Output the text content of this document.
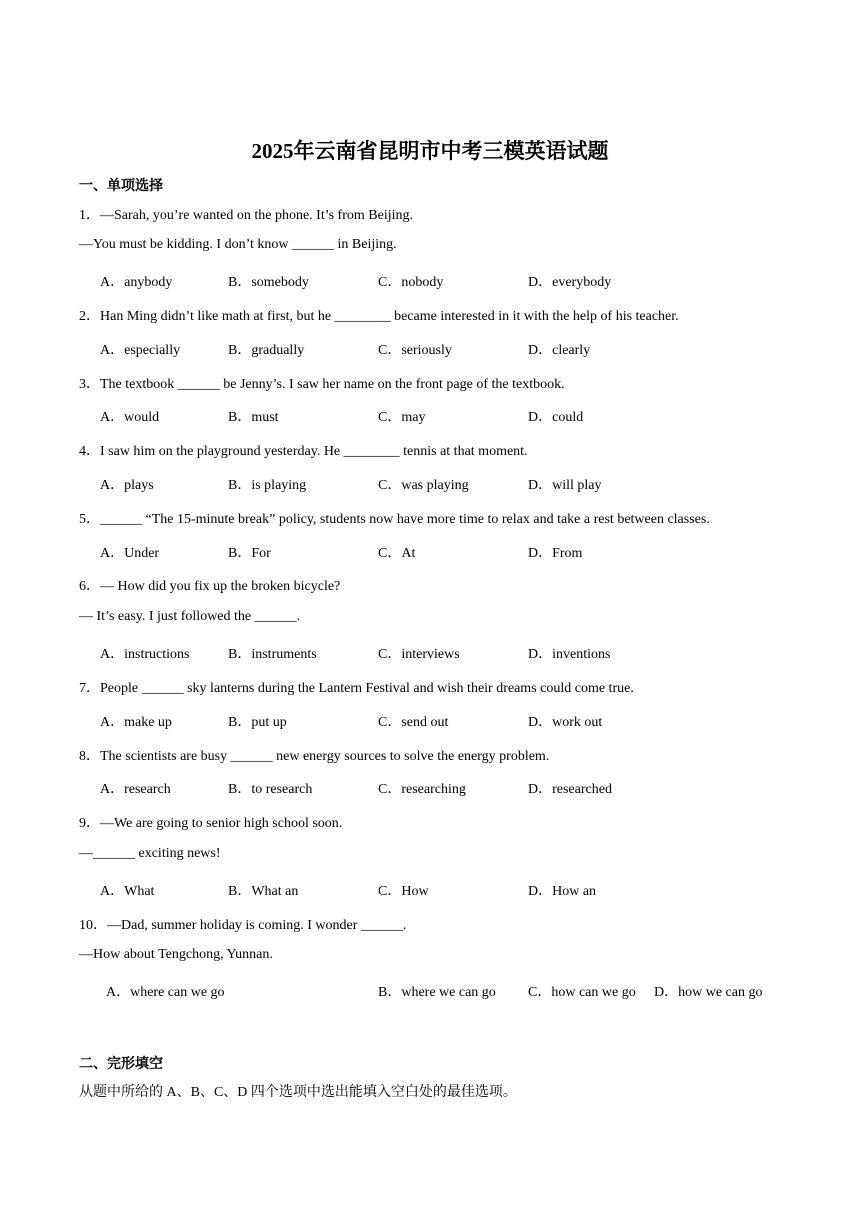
2025年云南省昆明市中考三模英语试题
一、单项选择
1．—Sarah, you’re wanted on the phone. It’s from Beijing.
—You must be kidding. I don’t know ______ in Beijing.
A．anybody	B．somebody	C．nobody	D．everybody
2．Han Ming didn’t like math at first, but he ________ became interested in it with the help of his teacher.
A．especially	B．gradually	C．seriously	D．clearly
3．The textbook ______ be Jenny’s. I saw her name on the front page of the textbook.
A．would	B．must	C．may	D．could
4．I saw him on the playground yesterday. He ________ tennis at that moment.
A．plays	B．is playing	C．was playing	D．will play
5．______ “The 15-minute break” policy, students now have more time to relax and take a rest between classes.
A．Under	B．For	C．At	D．From
6．— How did you fix up the broken bicycle?
— It’s easy. I just followed the ______.
A．instructions	B．instruments	C．interviews	D．inventions
7．People ______ sky lanterns during the Lantern Festival and wish their dreams could come true.
A．make up	B．put up	C．send out	D．work out
8．The scientists are busy ______ new energy sources to solve the energy problem.
A．research	B．to research	C．researching	D．researched
9．—We are going to senior high school soon.
—______ exciting news!
A．What	B．What an	C．How	D．How an
10．—Dad, summer holiday is coming. I wonder ______.
—How about Tengchong, Yunnan.
A．where can we go	B．where we can go C．how can we go D．how we can go
二、完形填空
从题中所给的 A、B、C、D 四个选项中选出能填入空白处的最佳选项。
